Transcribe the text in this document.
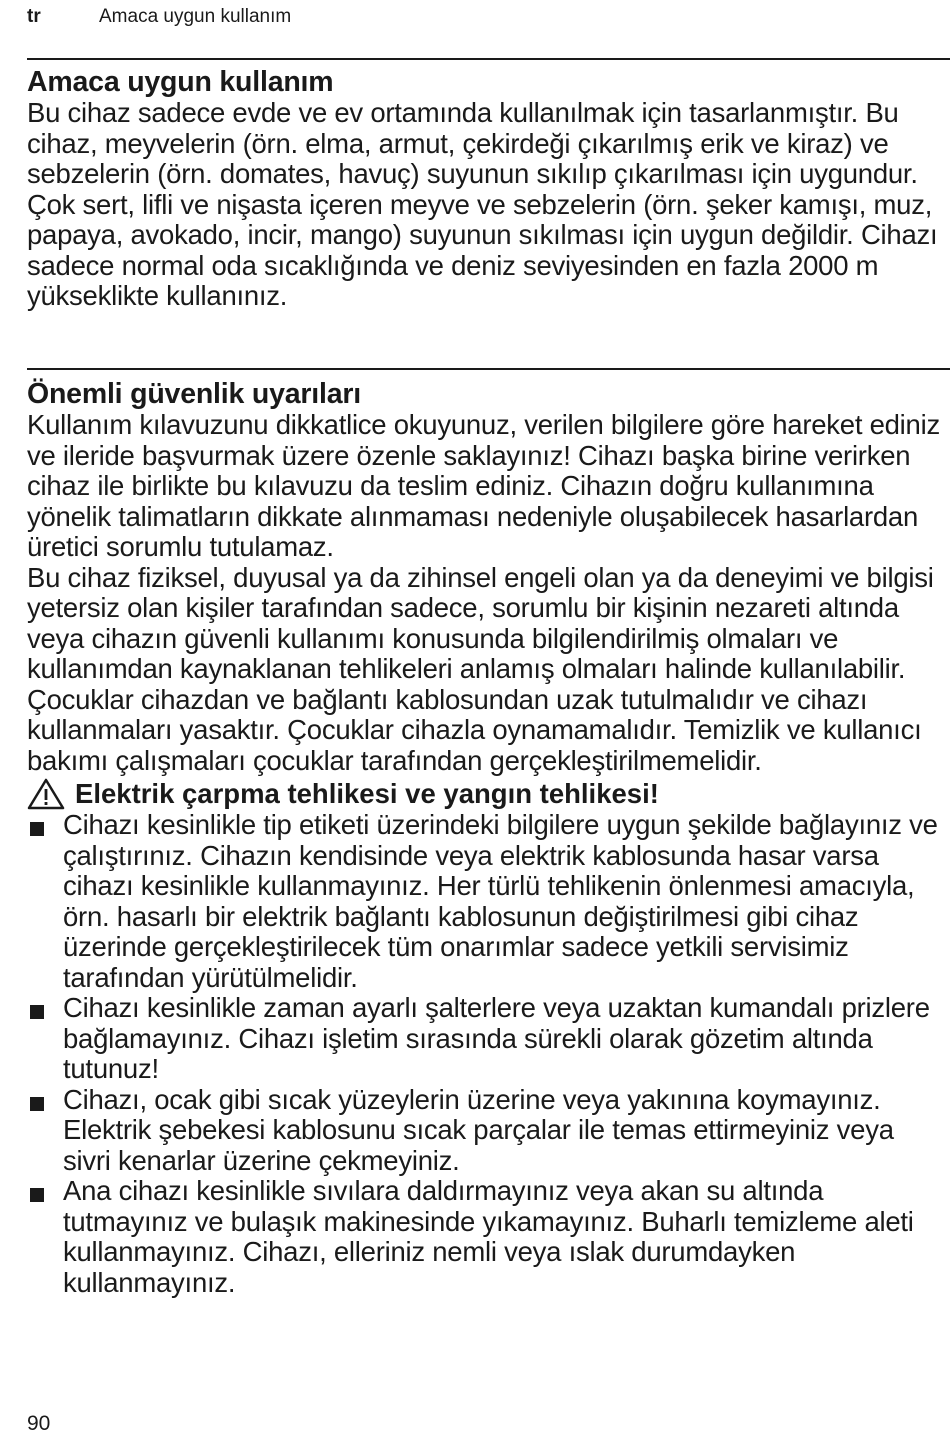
tr	Amaca uygun kullanım
Amaca uygun kullanım

Bu cihaz sadece evde ve ev ortamında kullanılmak için tasarlanmıştır. Bu cihaz, meyvelerin (örn. elma, armut, çekirdeği çıkarılmış erik ve kiraz) ve sebzelerin (örn. domates, havuç) suyunun sıkılıp çıkarılması için uygundur. Çok sert, lifli ve nişasta içeren meyve ve sebzelerin (örn. şeker kamışı, muz, papaya, avokado, incir, mango) suyunun sıkılması için uygun değildir. Cihazı sadece normal oda sıcaklığında ve deniz seviyesinden en fazla 2000 m yükseklikte kullanınız.

Önemli güvenlik uyarıları

Kullanım kılavuzunu dikkatlice okuyunuz, verilen bilgilere göre hareket ediniz ve ileride başvurmak üzere özenle saklayınız! Cihazı başka birine verirken cihaz ile birlikte bu kılavuzu da teslim ediniz. Cihazın doğru kullanımına yönelik talimatların dikkate alınmaması nedeniyle oluşabilecek hasarlardan üretici sorumlu tutulamaz.

Bu cihaz fiziksel, duyusal ya da zihinsel engeli olan ya da deneyimi ve bilgisi yetersiz olan kişiler tarafından sadece, sorumlu bir kişinin nezareti altında veya cihazın güvenli kullanımı konusunda bilgilendirilmiş olmaları ve kullanımdan kaynaklanan tehlikeleri anlamış olmaları halinde kullanılabilir. Çocuklar cihazdan ve bağlantı kablosundan uzak tutulmalıdır ve cihazı kullanmaları yasaktır. Çocuklar cihazla oynamamalıdır. Temizlik ve kullanıcı bakımı çalışmaları çocuklar tarafından gerçekleştirilmemelidir.

Elektrik çarpma tehlikesi ve yangın tehlikesi!
Cihazı kesinlikle tip etiketi üzerindeki bilgilere uygun şekilde bağlayınız ve çalıştırınız. Cihazın kendisinde veya elektrik kablosunda hasar varsa cihazı kesinlikle kullanmayınız. Her türlü tehlikenin önlenmesi amacıyla, örn. hasarlı bir elektrik bağlantı kablosunun değiştirilmesi gibi cihaz üzerinde gerçekleştirilecek tüm onarımlar sadece yetkili servisimiz tarafından yürütülmelidir.
Cihazı kesinlikle zaman ayarlı şalterlere veya uzaktan kumandalı prizlere bağlamayınız. Cihazı işletim sırasında sürekli olarak gözetim altında tutunuz!
Cihazı, ocak gibi sıcak yüzeylerin üzerine veya yakınına koymayınız. Elektrik şebekesi kablosunu sıcak parçalar ile temas ettirmeyiniz veya sivri kenarlar üzerine çekmeyiniz.
Ana cihazı kesinlikle sıvılara daldırmayınız veya akan su altında tutmayınız ve bulaşık makinesinde yıkamayınız. Buharlı temizleme aleti kullanmayınız. Cihazı, elleriniz nemli veya ıslak durumdayken kullanmayınız.
90
